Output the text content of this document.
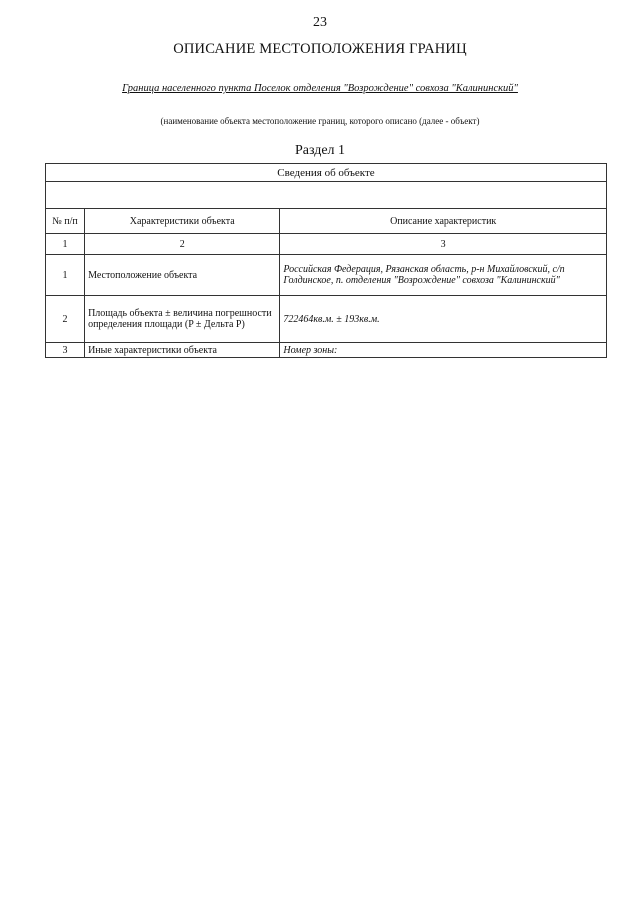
23
ОПИСАНИЕ МЕСТОПОЛОЖЕНИЯ ГРАНИЦ
Граница населенного пункта Поселок отделения "Возрождение" совхоза "Калининский"
(наименование объекта местоположение границ, которого описано (далее - объект)
Раздел 1
Сведения об объекте		

№ п/п	Характеристики объекта	Описание характеристик
1	2	3
1	Местоположение объекта	Российская Федерация, Рязанская область, р-н Михайловский, с/п Голдинское, п. отделения "Возрождение" совхоза "Калининский"
2	Площадь объекта ± величина погрешности определения площади (P ± Дельта P)	722464кв.м. ± 193кв.м.
3	Иные характеристики объекта	Номер зоны:
